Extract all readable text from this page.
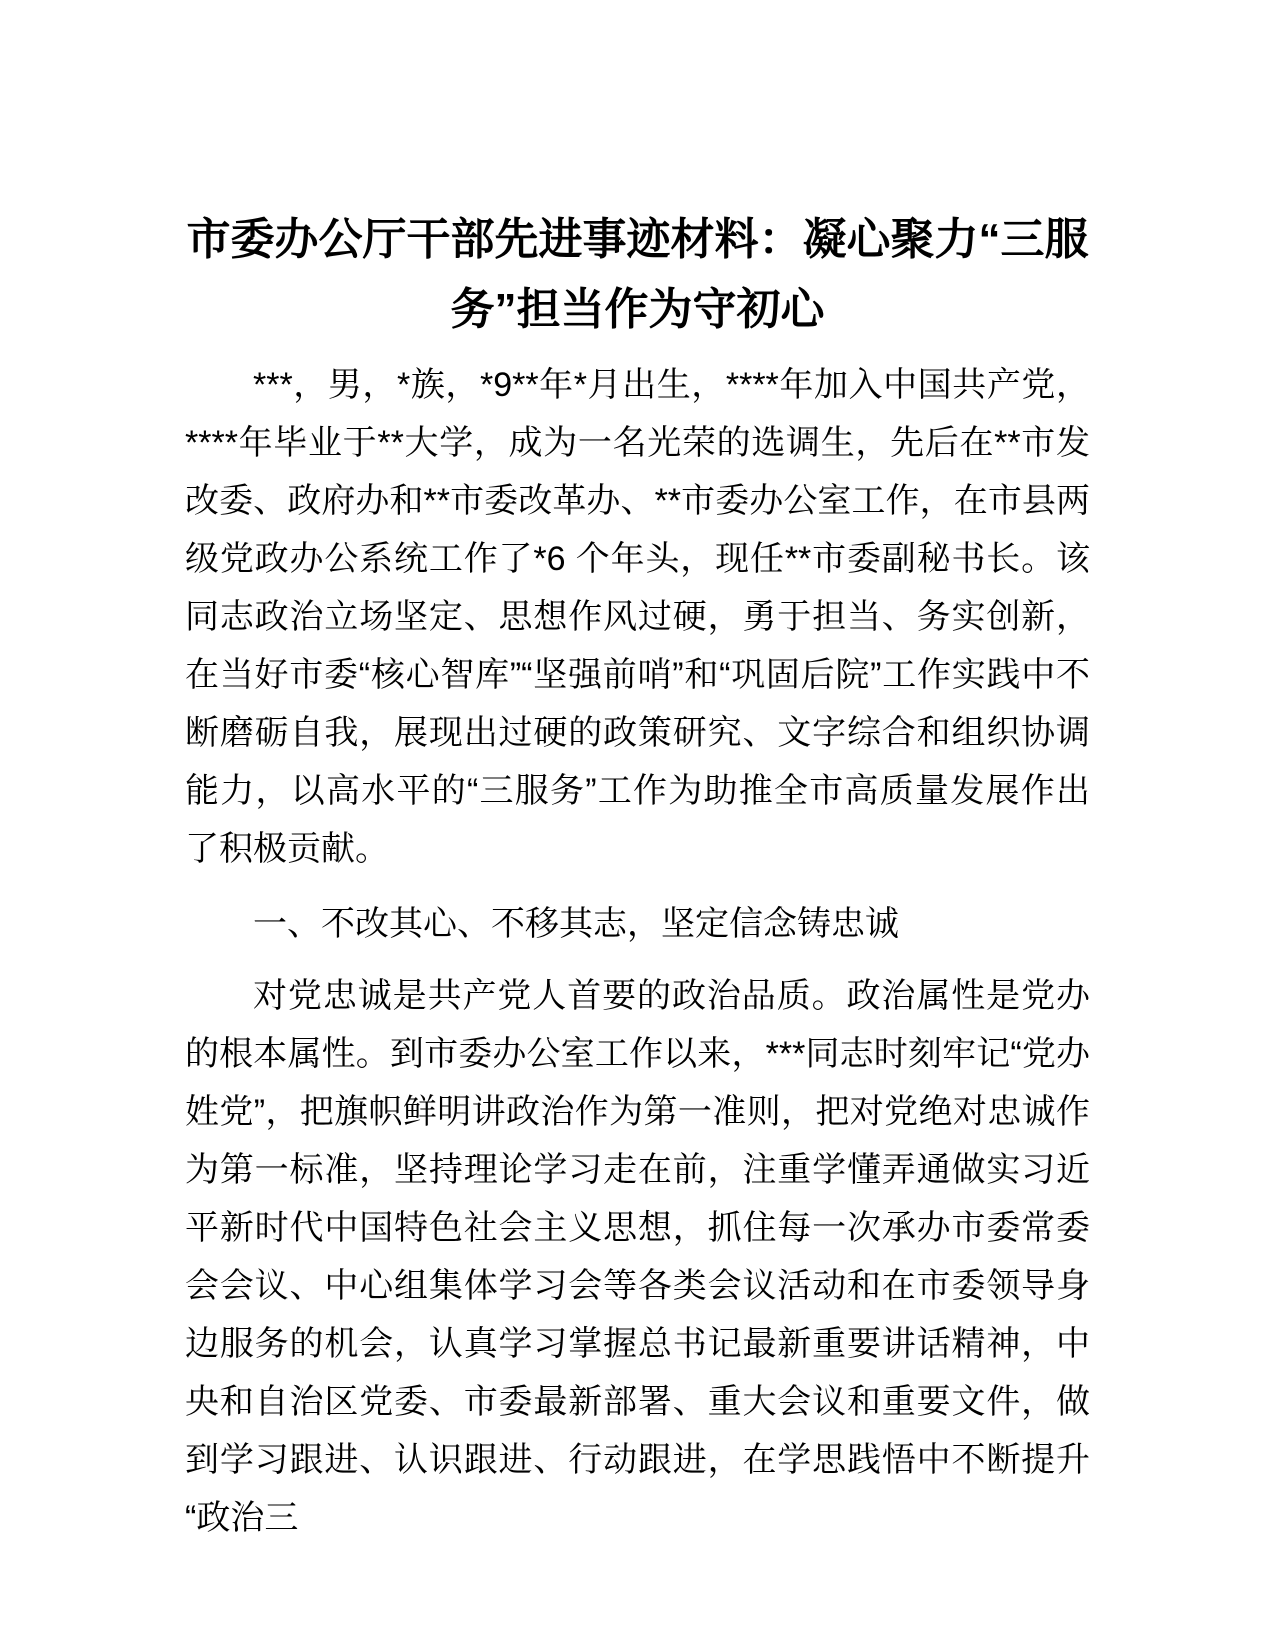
市委办公厅干部先进事迹材料：凝心聚力“三服务”担当作为守初心

***，男，*族，*9**年*月出生，****年加入中国共产党，****年毕业于**大学，成为一名光荣的选调生，先后在**市发改委、政府办和**市委改革办、**市委办公室工作，在市县两级党政办公系统工作了*6 个年头，现任**市委副秘书长。该同志政治立场坚定、思想作风过硬，勇于担当、务实创新，在当好市委“核心智库”“坚强前哨”和“巩固后院”工作实践中不断磨砺自我，展现出过硬的政策研究、文字综合和组织协调能力，以高水平的“三服务”工作为助推全市高质量发展作出了积极贡献。

一、不改其心、不移其志，坚定信念铸忠诚

对党忠诚是共产党人首要的政治品质。政治属性是党办的根本属性。到市委办公室工作以来，***同志时刻牢记“党办姓党”，把旗帜鲜明讲政治作为第一准则，把对党绝对忠诚作为第一标准，坚持理论学习走在前，注重学懂弄通做实习近平新时代中国特色社会主义思想，抓住每一次承办市委常委会会议、中心组集体学习会等各类会议活动和在市委领导身边服务的机会，认真学习掌握总书记最新重要讲话精神，中央和自治区党委、市委最新部署、重大会议和重要文件，做到学习跟进、认识跟进、行动跟进，在学思践悟中不断提升“政治三
